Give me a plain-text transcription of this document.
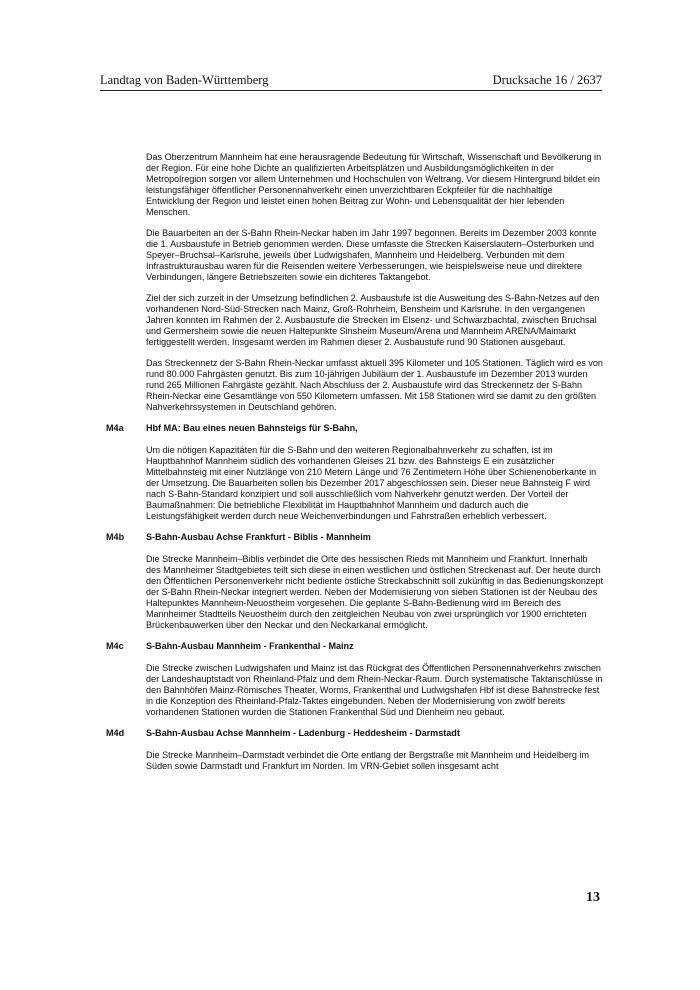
Landtag von Baden-Württemberg	Drucksache 16 / 2637

Das Oberzentrum Mannheim hat eine herausragende Bedeutung für Wirtschaft, Wissenschaft und Bevölkerung in der Region. Für eine hohe Dichte an qualifizierten Arbeitsplätzen und Ausbildungsmöglichkeiten in der Metropolregion sorgen vor allem Unternehmen und Hochschulen von Weltrang. Vor diesem Hintergrund bildet ein leistungsfähiger öffentlicher Personennahverkehr einen unverzichtbaren Eckpfeiler für die nachhaltige Entwicklung der Region und leistet einen hohen Beitrag zur Wohn- und Lebensqualität der hier lebenden Menschen.

Die Bauarbeiten an der S-Bahn Rhein-Neckar haben im Jahr 1997 begonnen. Bereits im Dezember 2003 konnte die 1. Ausbaustufe in Betrieb genommen werden. Diese umfasste die Strecken Kaiserslautern–Osterburken und Speyer–Bruchsal–Karlsruhe, jeweils über Ludwigshafen, Mannheim und Heidelberg. Verbunden mit dem Infrastrukturausbau waren für die Reisenden weitere Verbesserungen, wie beispielsweise neue und direktere Verbindungen, längere Betriebszeiten sowie ein dichteres Taktangebot.

Ziel der sich zurzeit in der Umsetzung befindlichen 2. Ausbaustufe ist die Ausweitung des S-Bahn-Netzes auf den vorhandenen Nord-Süd-Strecken nach Mainz, Groß-Rohrheim, Bensheim und Karlsruhe. In den vergangenen Jahren konnten im Rahmen der 2. Ausbaustufe die Strecken im Elsenz- und Schwarzbachtal, zwischen Bruchsal und Germersheim sowie die neuen Haltepunkte Sinsheim Museum/Arena und Mannheim ARENA/Maimarkt fertiggestellt werden. Insgesamt werden im Rahmen dieser 2. Ausbaustufe rund 90 Stationen ausgebaut.

Das Streckennetz der S-Bahn Rhein-Neckar umfasst aktuell 395 Kilometer und 105 Stationen. Täglich wird es von rund 80.000 Fahrgästen genutzt. Bis zum 10-jährigen Jubiläum der 1. Ausbaustufe im Dezember 2013 wurden rund 265 Millionen Fahrgäste gezählt. Nach Abschluss der 2. Ausbaustufe wird das Streckennetz der S-Bahn Rhein-Neckar eine Gesamtlänge von 550 Kilometern umfassen. Mit 158 Stationen wird sie damit zu den größten Nahverkehrssystemen in Deutschland gehören.

M4a Hbf MA: Bau eines neuen Bahnsteigs für S-Bahn,

Um die nötigen Kapazitäten für die S-Bahn und den weiteren Regionalbahnverkehr zu schaffen, ist im Hauptbahnhof Mannheim südlich des vorhandenen Gleises 21 bzw. des Bahnsteigs E ein zusätzlicher Mittelbahnsteig mit einer Nutzlänge von 210 Metern Länge und 76 Zentimetern Höhe über Schienenoberkante in der Umsetzung. Die Bauarbeiten sollen bis Dezember 2017 abgeschlossen sein. Dieser neue Bahnsteig F wird nach S-Bahn-Standard konzipiert und soll ausschließlich vom Nahverkehr genutzt werden. Der Vorteil der Baumaßnahmen: Die betriebliche Flexibilität im Hauptbahnhof Mannheim und dadurch auch die Leistungsfähigkeit werden durch neue Weichenverbindungen und Fahrstraßen erheblich verbessert.

M4b S-Bahn-Ausbau Achse Frankfurt - Biblis - Mannheim

Die Strecke Mannheim–Biblis verbindet die Orte des hessischen Rieds mit Mannheim und Frankfurt. Innerhalb des Mannheimer Stadtgebietes teilt sich diese in einen westlichen und östlichen Streckenast auf. Der heute durch den Öffentlichen Personenverkehr nicht bediente östliche Streckabschnitt soll zukünftig in das Bedienungskonzept der S-Bahn Rhein-Neckar integriert werden. Neben der Modernisierung von sieben Stationen ist der Neubau des Haltepunktes Mannheim-Neuostheim vorgesehen. Die geplante S-Bahn-Bedienung wird im Bereich des Mannheimer Stadtteils Neuostheim durch den zeitgleichen Neubau von zwei ursprünglich vor 1900 errichteten Brückenbauwerken über den Neckar und den Neckarkanal ermöglicht.

M4c S-Bahn-Ausbau Mannheim - Frankenthal - Mainz

Die Strecke zwischen Ludwigshafen und Mainz ist das Rückgrat des Öffentlichen Personennahverkehrs zwischen der Landeshauptstadt von Rheinland-Pfalz und dem Rhein-Neckar-Raum. Durch systematische Taktanschlüsse in den Bahnhöfen Mainz-Römisches Theater, Worms, Frankenthal und Ludwigshafen Hbf ist diese Bahnstrecke fest in die Konzeption des Rheinland-Pfalz-Taktes eingebunden. Neben der Modernisierung von zwölf bereits vorhandenen Stationen wurden die Stationen Frankenthal Süd und Dienheim neu gebaut.

M4d S-Bahn-Ausbau Achse Mannheim - Ladenburg - Heddesheim - Darmstadt

Die Strecke Mannheim–Darmstadt verbindet die Orte entlang der Bergstraße mit Mannheim und Heidelberg im Süden sowie Darmstadt und Frankfurt im Norden. Im VRN-Gebiet sollen insgesamt acht

13
